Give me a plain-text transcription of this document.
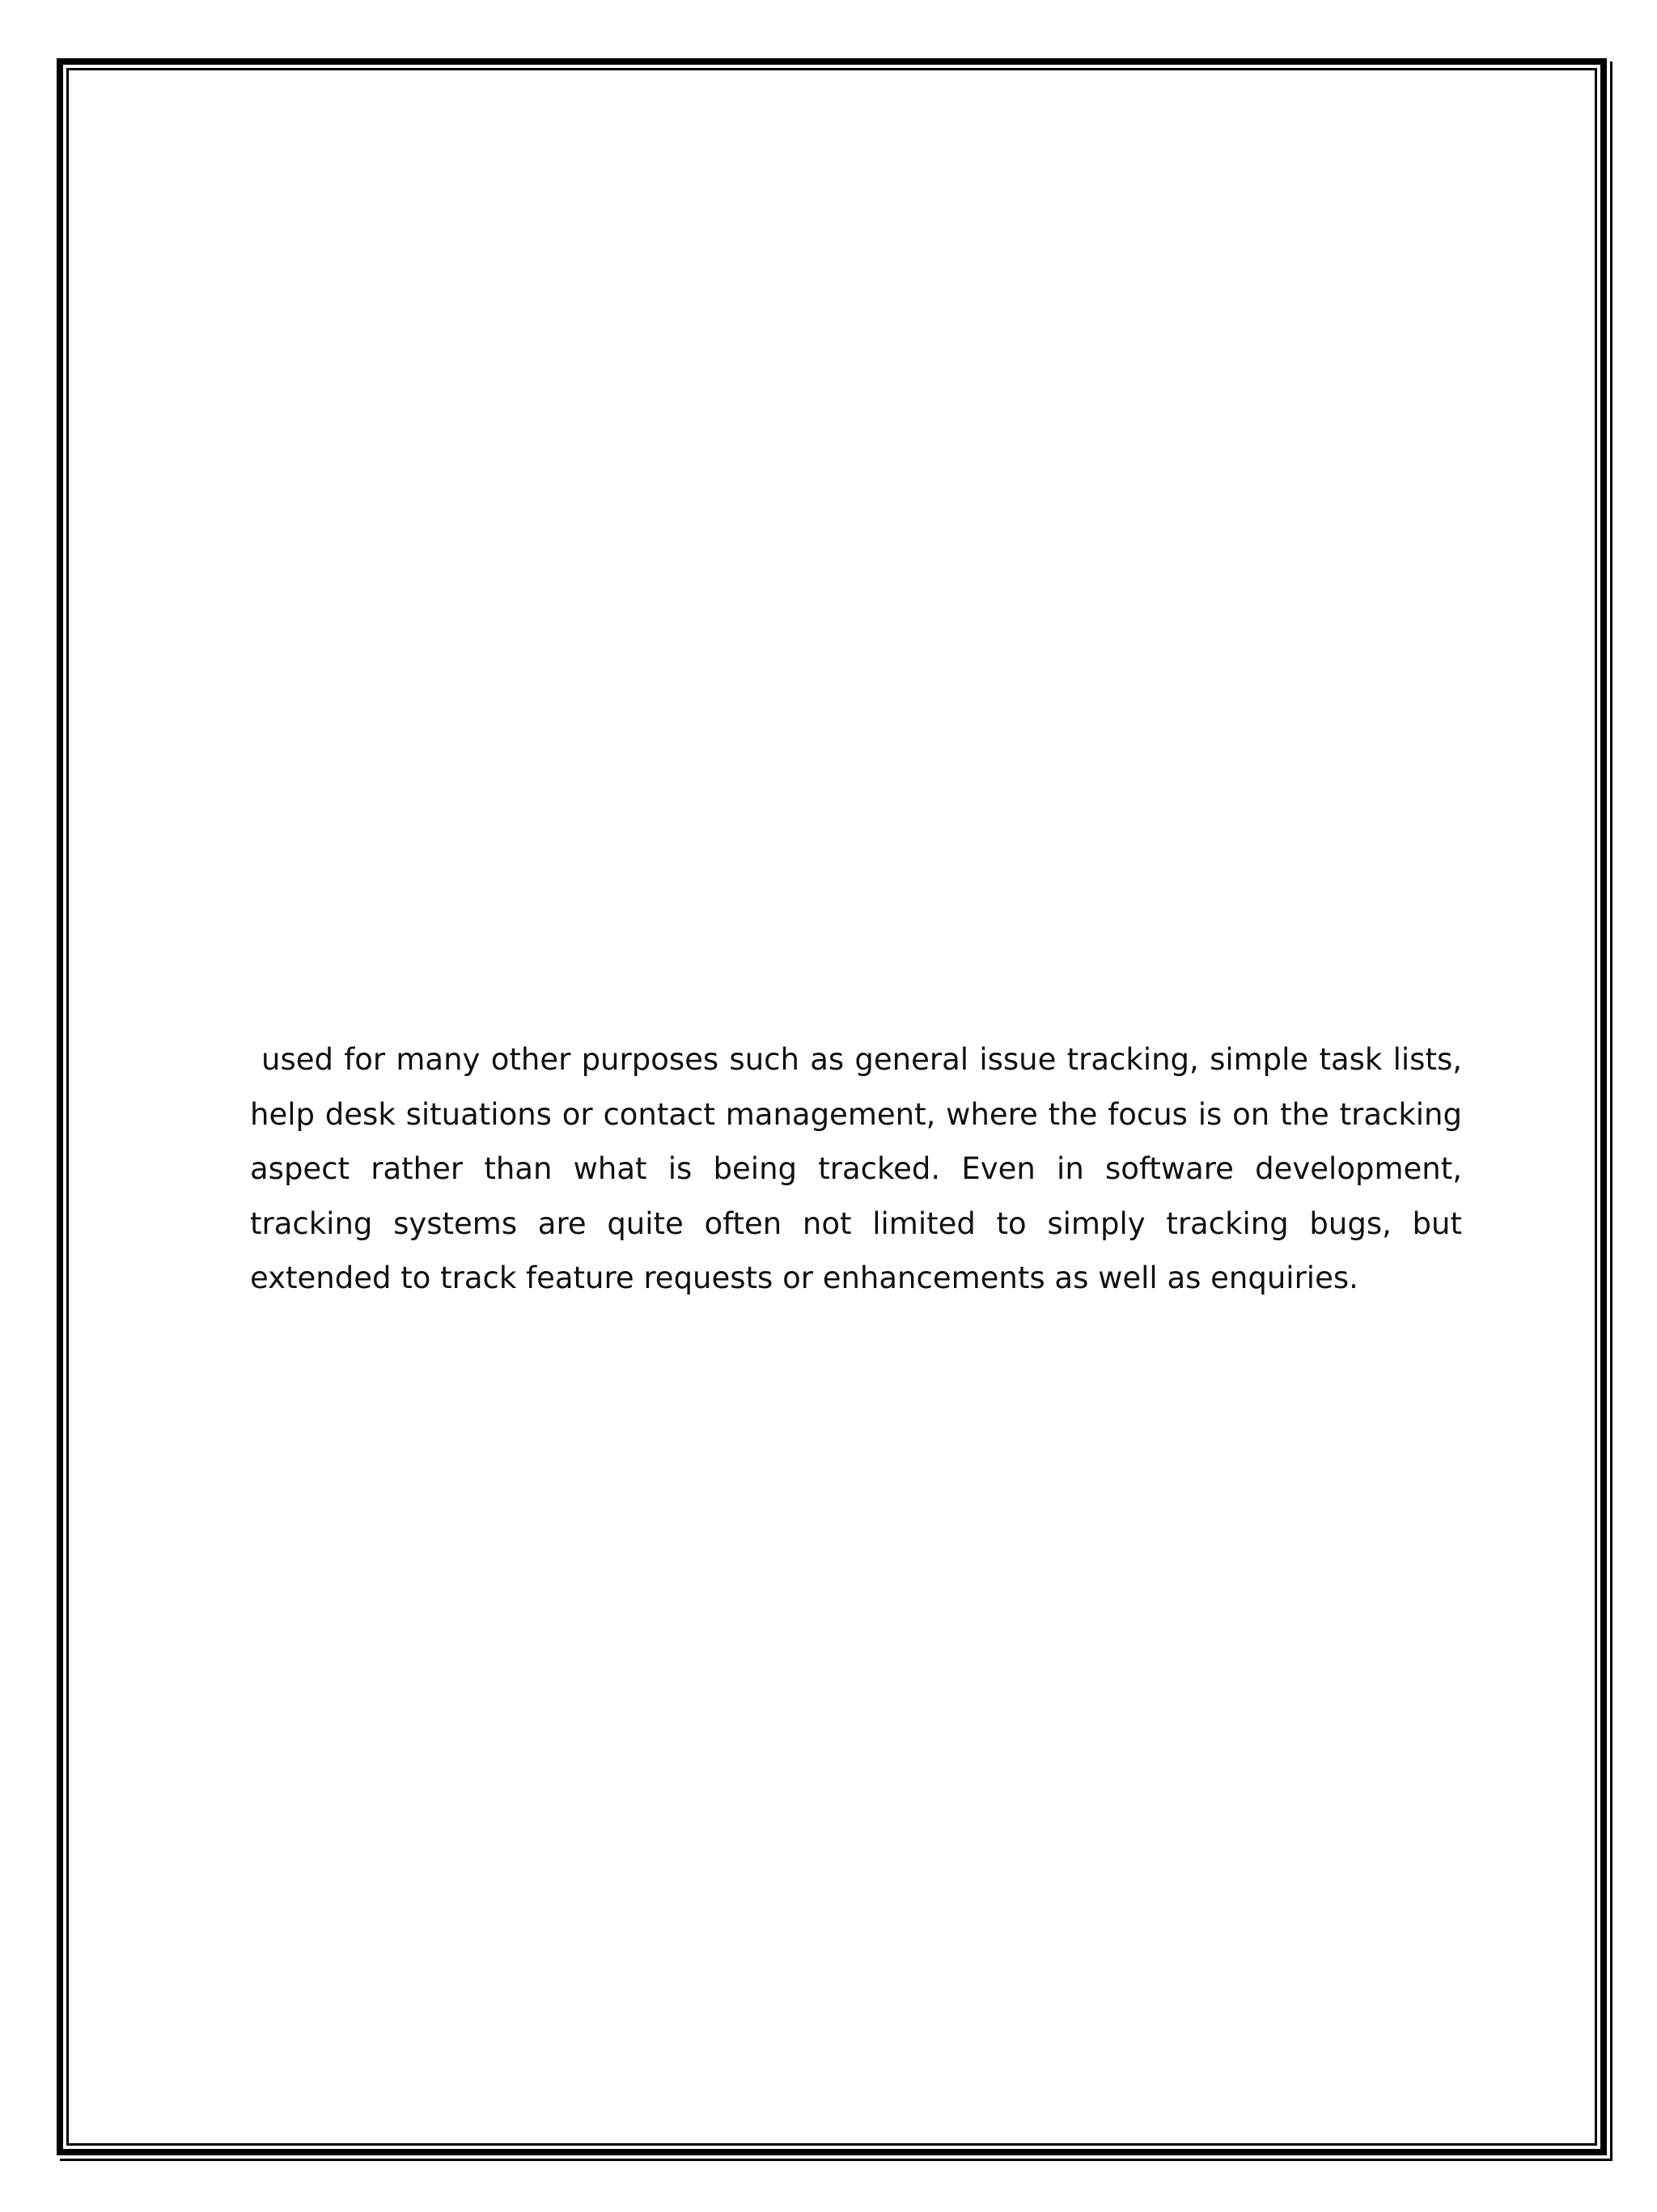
used for many other purposes such as general issue tracking, simple task lists,
help desk situations or contact management, where the focus is on the tracking
aspect rather than what is being tracked. Even in software development,
tracking systems are quite often not limited to simply tracking bugs, but
extended to track feature requests or enhancements as well as enquiries.
